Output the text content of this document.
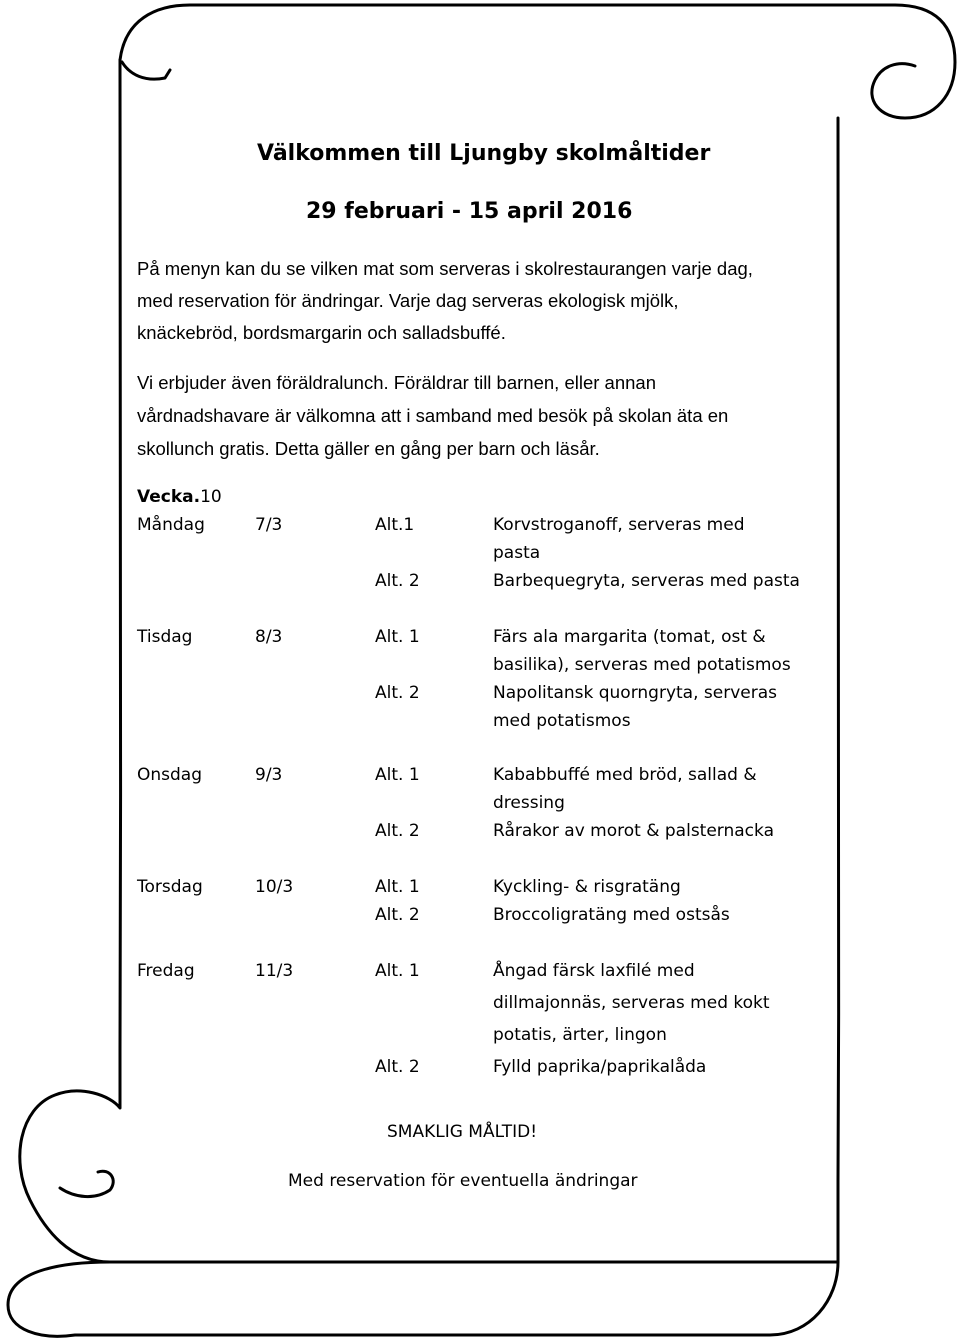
Välkommen till Ljungby skolmåltider
29 februari - 15 april 2016
På menyn kan du se vilken mat som serveras i skolrestaurangen varje dag,
med reservation för ändringar. Varje dag serveras ekologisk mjölk,
knäckebröd, bordsmargarin och salladsbuffé.
Vi erbjuder även föräldralunch. Föräldrar till barnen, eller annan
vårdnadshavare är välkomna att i samband med besök på skolan äta en
skollunch gratis. Detta gäller en gång per barn och läsår.
Vecka.10
Måndag	7/3	Alt.1	Korvstroganoff, serveras med
pasta
Alt. 2	Barbequegryta, serveras med pasta
Tisdag	8/3	Alt. 1	Färs ala margarita (tomat, ost &
basilika), serveras med potatismos
Alt. 2	Napolitansk quorngryta, serveras
med potatismos
Onsdag	9/3	Alt. 1	Kababbuffé med bröd, sallad &
dressing
Alt. 2	Rårakor av morot & palsternacka
Torsdag	10/3	Alt. 1	Kyckling- & risgratäng
Alt. 2	Broccoligratäng med ostsås
Fredag	11/3	Alt. 1	Ångad färsk laxfilé med
dillmajonnäs, serveras med kokt
potatis, ärter, lingon
Alt. 2	Fylld paprika/paprikalåda
SMAKLIG MÅLTID!
Med reservation för eventuella ändringar
